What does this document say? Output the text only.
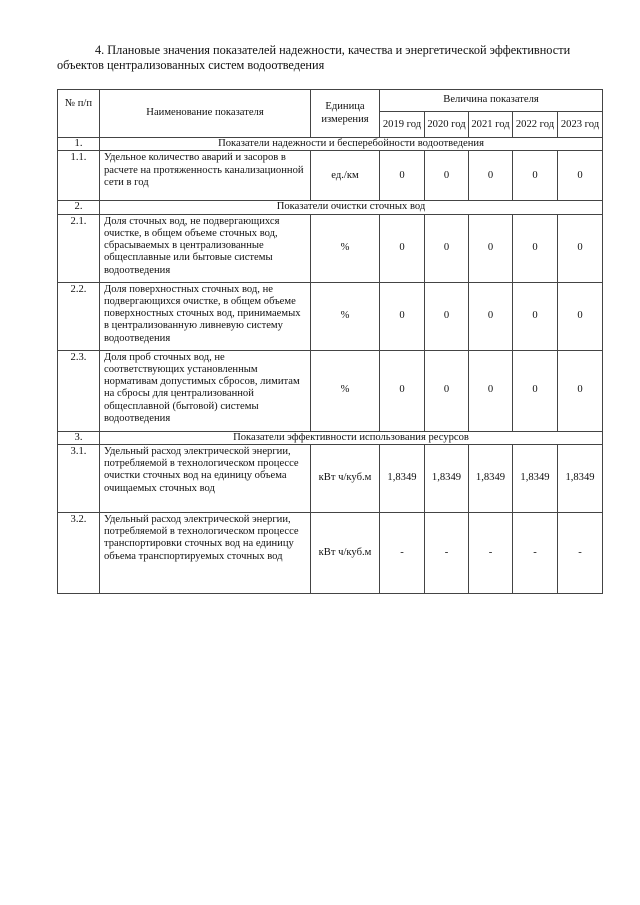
4. Плановые значения показателей надежности, качества и энергетической эффективности
объектов централизованных систем водоотведения
№ п/п	Наименование показателя	Единица измерения	Величина показателя				
			2019 год	2020 год	2021 год	2022 год	2023 год
1.	Показатели надежности и бесперебойности водоотведения						
1.1.	Удельное количество аварий и засоров в расчете на протяженность канализационной сети в год	ед./км	0	0	0	0	0
2.	Показатели очистки сточных вод						
2.1.	Доля сточных вод, не подвергающихся очистке, в общем объеме сточных вод, сбрасываемых в централизованные общесплавные или бытовые системы водоотведения	%	0	0	0	0	0
2.2.	Доля поверхностных сточных вод, не подвергающихся очистке, в общем объеме поверхностных сточных вод, принимаемых в централизованную ливневую систему водоотведения	%	0	0	0	0	0
2.3.	Доля проб сточных вод, не соответствующих установленным нормативам допустимых сбросов, лимитам на сбросы для централизованной общесплавной (бытовой) системы водоотведения	%	0	0	0	0	0
3.	Показатели эффективности использования ресурсов						
3.1.	Удельный расход электрической энергии, потребляемой в технологическом процессе очистки сточных вод на единицу объема очищаемых сточных вод	кВт ч/куб.м	1,8349	1,8349	1,8349	1,8349	1,8349
3.2.	Удельный расход электрической энергии, потребляемой в технологическом процессе транспортировки сточных вод на единицу объема транспортируемых сточных вод	кВт ч/куб.м	-	-	-	-	-
